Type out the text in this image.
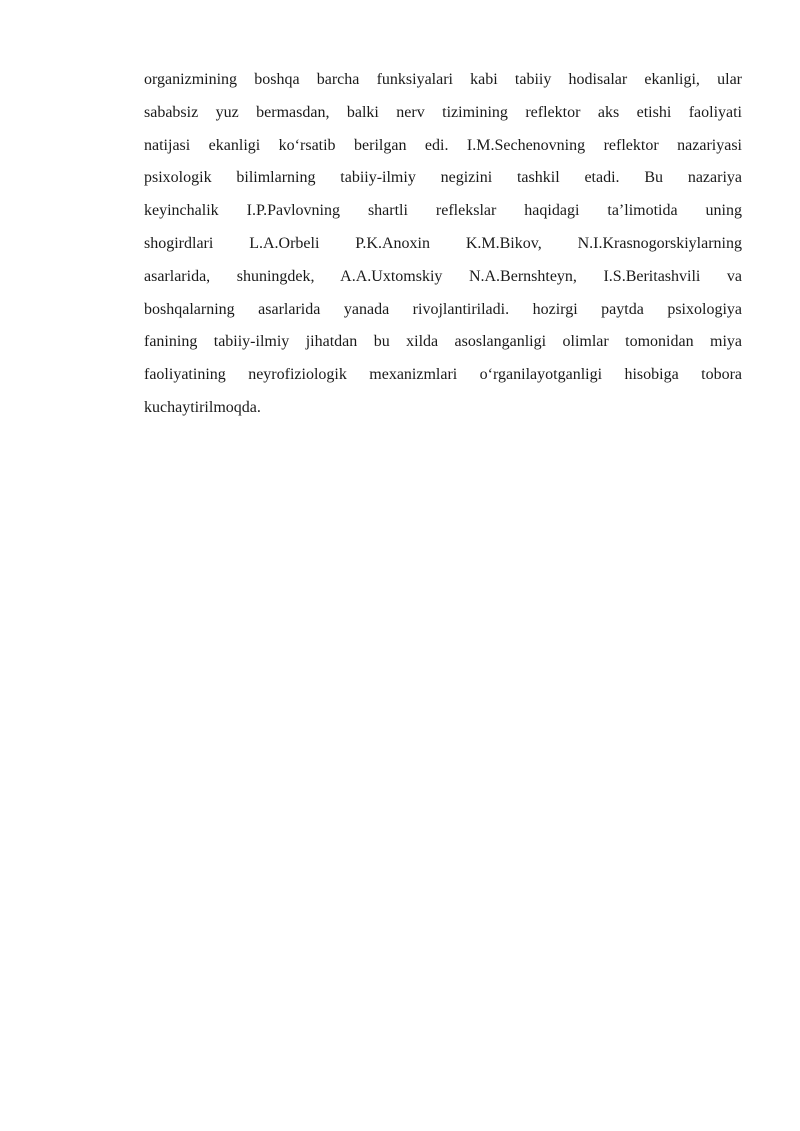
organizmining boshqa barcha funksiyalari kabi tabiiy hodisalar ekanligi, ular
sababsiz yuz bermasdan, balki nerv tizimining reflektor aks etishi faoliyati
natijasi ekanligi ko‘rsatib berilgan edi. I.M.Sechenovning reflektor nazariyasi
psixologik bilimlarning tabiiy-ilmiy negizini tashkil etadi. Bu nazariya
keyinchalik I.P.Pavlovning shartli reflekslar haqidagi ta’limotida uning
shogirdlari L.A.Orbeli P.K.Anoxin K.M.Bikov, N.I.Krasnogorskiylarning
asarlarida, shuningdek, A.A.Uxtomskiy N.A.Bernshteyn, I.S.Beritashvili va
boshqalarning asarlarida yanada rivojlantiriladi. hozirgi paytda psixologiya
fanining tabiiy-ilmiy jihatdan bu xilda asoslanganligi olimlar tomonidan miya
faoliyatining neyrofiziologik mexanizmlari o‘rganilayotganligi hisobiga tobora
kuchaytirilmoqda.
